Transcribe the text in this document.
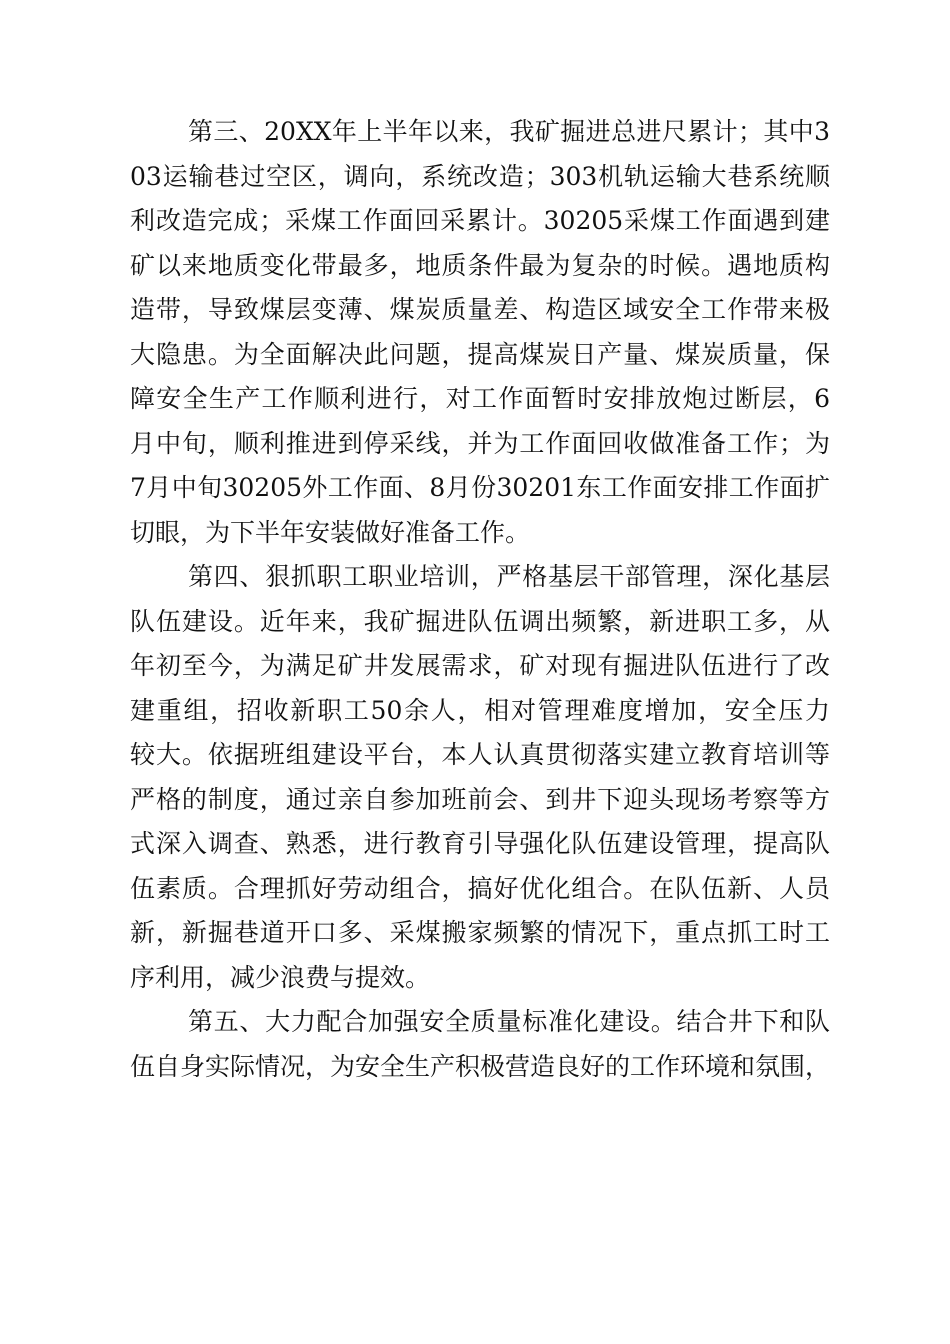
第三、20XX年上半年以来，我矿掘进总进尺累计；其中3
03运输巷过空区，调向，系统改造；303机轨运输大巷系统顺
利改造完成；采煤工作面回采累计。30205采煤工作面遇到建
矿以来地质变化带最多，地质条件最为复杂的时候。遇地质构
造带，导致煤层变薄、煤炭质量差、构造区域安全工作带来极
大隐患。为全面解决此问题，提高煤炭日产量、煤炭质量，保
障安全生产工作顺利进行，对工作面暂时安排放炮过断层，6
月中旬，顺利推进到停采线，并为工作面回收做准备工作；为
7月中旬30205外工作面、8月份30201东工作面安排工作面扩
切眼，为下半年安装做好准备工作。
第四、狠抓职工职业培训，严格基层干部管理，深化基层
队伍建设。近年来，我矿掘进队伍调出频繁，新进职工多，从
年初至今，为满足矿井发展需求，矿对现有掘进队伍进行了改
建重组，招收新职工50余人，相对管理难度增加，安全压力
较大。依据班组建设平台，本人认真贯彻落实建立教育培训等
严格的制度，通过亲自参加班前会、到井下迎头现场考察等方
式深入调查、熟悉，进行教育引导强化队伍建设管理，提高队
伍素质。合理抓好劳动组合，搞好优化组合。在队伍新、人员
新，新掘巷道开口多、采煤搬家频繁的情况下，重点抓工时工
序利用，减少浪费与提效。
第五、大力配合加强安全质量标准化建设。结合井下和队
伍自身实际情况，为安全生产积极营造良好的工作环境和氛围，
